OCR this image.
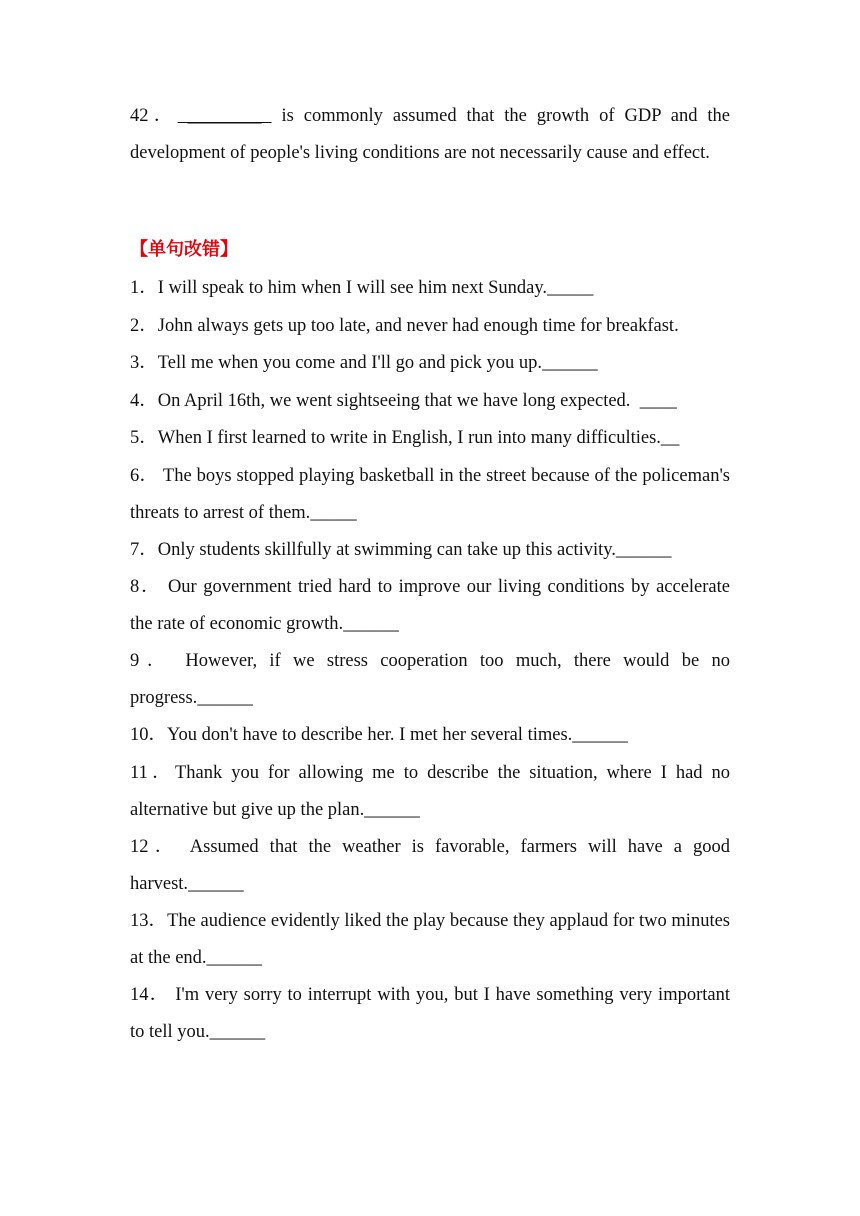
42． ________  is commonly assumed that the growth of GDP and the development of people's living conditions are not necessarily cause and effect.

【单句改错】

1．I will speak to him when I will see him next Sunday._____

2．John always gets up too late, and never had enough time for breakfast.

3．Tell me when you come and I'll go and pick you up.______

4．On April 16th, we went sightseeing that we have long expected.  ____

5．When I first learned to write in English, I run into many difficulties.__

6． The boys stopped playing basketball in the street because of the policeman's threats to arrest of them._____

7．Only students skillfully at swimming can take up this activity.______

8． Our government tried hard to improve our living conditions by accelerate the rate of economic growth.______

9． However, if we stress cooperation too much, there would be no progress.______

10．You don't have to describe her. I met her several times.______

11．Thank you for allowing me to describe the situation, where I had no alternative but give up the plan.______

12． Assumed that the weather is favorable, farmers will have a good harvest.______

13．The audience evidently liked the play because they applaud for two minutes at the end.______

14． I'm very sorry to interrupt with you, but I have something very important to tell you.______
